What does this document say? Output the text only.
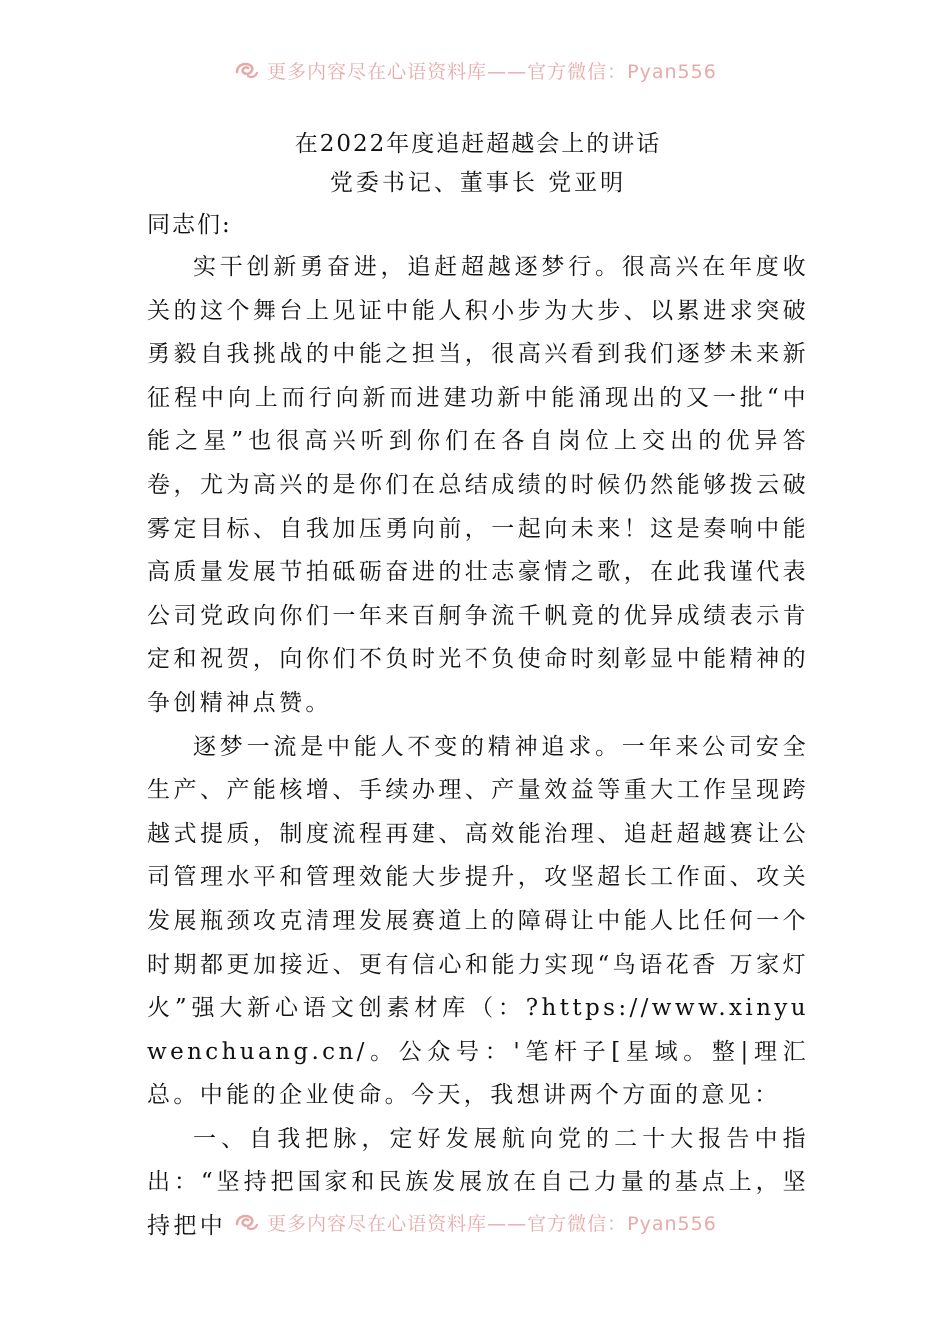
更多内容尽在心语资料库——官方微信：Pyan556
在2022年度追赶超越会上的讲话

党委书记、董事长 党亚明

同志们:

实干创新勇奋进，追赶超越逐梦行。很高兴在年度收关的这个舞台上见证中能人积小步为大步、以累进求突破勇毅自我挑战的中能之担当，很高兴看到我们逐梦未来新征程中向上而行向新而进建功新中能涌现出的又一批“中能之星”也很高兴听到你们在各自岗位上交出的优异答卷，尤为高兴的是你们在总结成绩的时候仍然能够拨云破雾定目标、自我加压勇向前，一起向未来！这是奏响中能高质量发展节拍砥砺奋进的壮志豪情之歌，在此我谨代表公司党政向你们一年来百舸争流千帆竟的优异成绩表示肯定和祝贺，向你们不负时光不负使命时刻彰显中能精神的争创精神点赞。

逐梦一流是中能人不变的精神追求。一年来公司安全生产、产能核增、手续办理、产量效益等重大工作呈现跨越式提质，制度流程再建、高效能治理、追赶超越赛让公司管理水平和管理效能大步提升，攻坚超长工作面、攻关发展瓶颈攻克清理发展赛道上的障碍让中能人比任何一个时期都更加接近、更有信心和能力实现“鸟语花香 万家灯火”强大新心语文创素材库（：?https://www.xinyuwenchuang.cn/。公众号：'笔杆子[星域。整|理汇总。中能的企业使命。今天，我想讲两个方面的意见：

一、自我把脉，定好发展航向党的二十大报告中指出：“坚持把国家和民族发展放在自己力量的基点上，坚持把中	更多内容尽在心语资料库——官方微信：Pyan556
